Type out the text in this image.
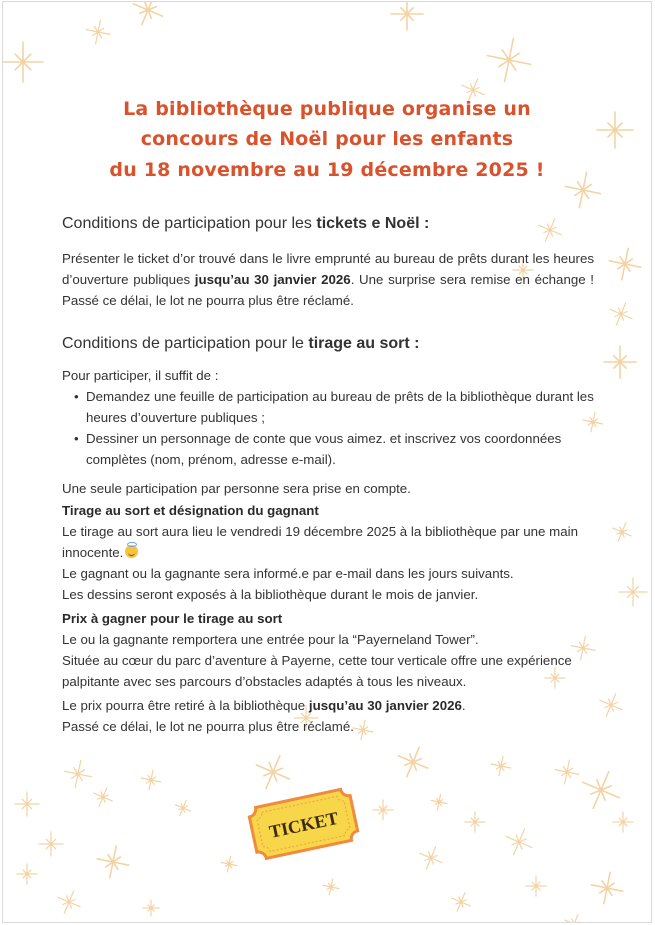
La bibliothèque publique organise un
concours de Noël pour les enfants
du 18 novembre au 19 décembre 2025 !
Conditions de participation pour les tickets e Noël :
Présenter le ticket d’or trouvé dans le livre emprunté au bureau de prêts durant les heures d’ouverture publiques jusqu’au 30 janvier 2026. Une surprise sera remise en échange ! Passé ce délai, le lot ne pourra plus être réclamé.
Conditions de participation pour le tirage au sort :
Pour participer, il suffit de :
• Demandez une feuille de participation au bureau de prêts de la bibliothèque durant les heures d’ouverture publiques ;
• Dessiner un personnage de conte que vous aimez. et inscrivez vos coordonnées complètes (nom, prénom, adresse e-mail).
Une seule participation par personne sera prise en compte.
Tirage au sort et désignation du gagnant
Le tirage au sort aura lieu le vendredi 19 décembre 2025 à la bibliothèque par une main innocente.
Le gagnant ou la gagnante sera informé.e par e-mail dans les jours suivants.
Les dessins seront exposés à la bibliothèque durant le mois de janvier.
Prix à gagner pour le tirage au sort
Le ou la gagnante remportera une entrée pour la “Payerneland Tower”.
Située au cœur du parc d’aventure à Payerne, cette tour verticale offre une expérience palpitante avec ses parcours d’obstacles adaptés à tous les niveaux.
Le prix pourra être retiré à la bibliothèque jusqu’au 30 janvier 2026.
Passé ce délai, le lot ne pourra plus être réclamé.
TICKET
